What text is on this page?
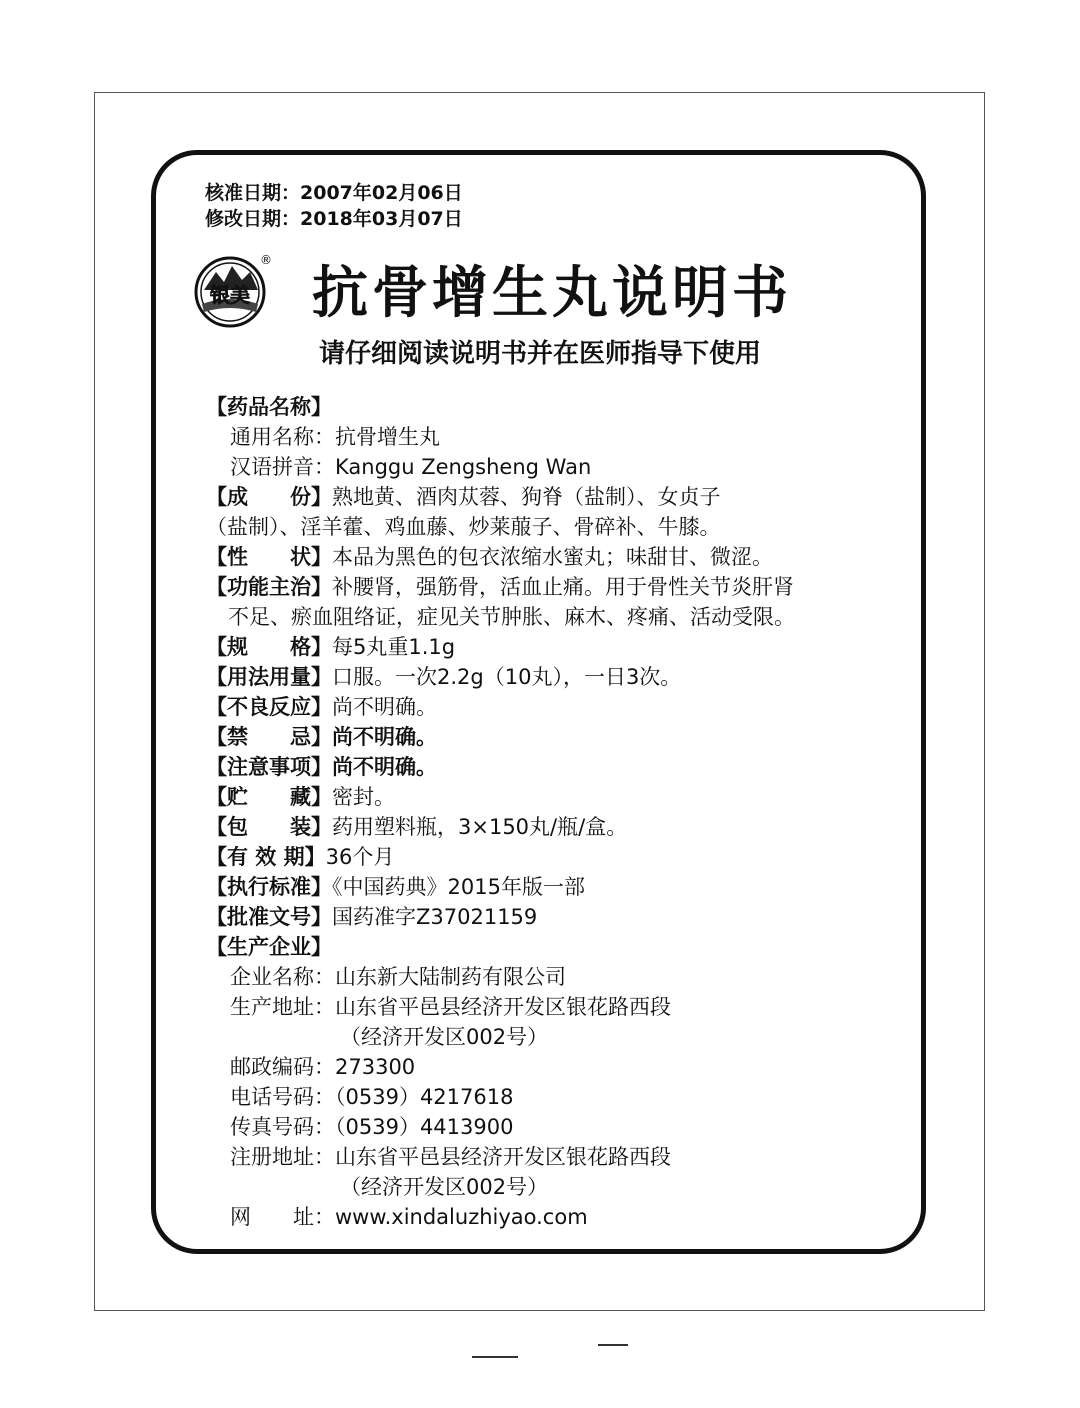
核准日期：2007年02月06日
修改日期：2018年03月07日
银美
®
抗骨增生丸说明书
请仔细阅读说明书并在医师指导下使用
【药品名称】
通用名称：抗骨增生丸
汉语拼音：Kanggu Zengsheng Wan
【成　　份】熟地黄、酒肉苁蓉、狗脊（盐制）、女贞子
（盐制）、淫羊藿、鸡血藤、炒莱菔子、骨碎补、牛膝。
【性　　状】本品为黑色的包衣浓缩水蜜丸；味甜甘、微涩。
【功能主治】补腰肾，强筋骨，活血止痛。用于骨性关节炎肝肾
不足、瘀血阻络证，症见关节肿胀、麻木、疼痛、活动受限。
【规　　格】每5丸重1.1g
【用法用量】口服。一次2.2g（10丸），一日3次。
【不良反应】尚不明确。
【禁　　忌】尚不明确。
【注意事项】尚不明确。
【贮　　藏】密封。
【包　　装】药用塑料瓶，3×150丸/瓶/盒。
【有 效 期】36个月
【执行标准】《中国药典》2015年版一部
【批准文号】国药准字Z37021159
【生产企业】
企业名称：山东新大陆制药有限公司
生产地址：山东省平邑县经济开发区银花路西段
（经济开发区002号）
邮政编码：273300
电话号码：（0539）4217618
传真号码：（0539）4413900
注册地址：山东省平邑县经济开发区银花路西段
（经济开发区002号）
网　　址：www.xindaluzhiyao.com
